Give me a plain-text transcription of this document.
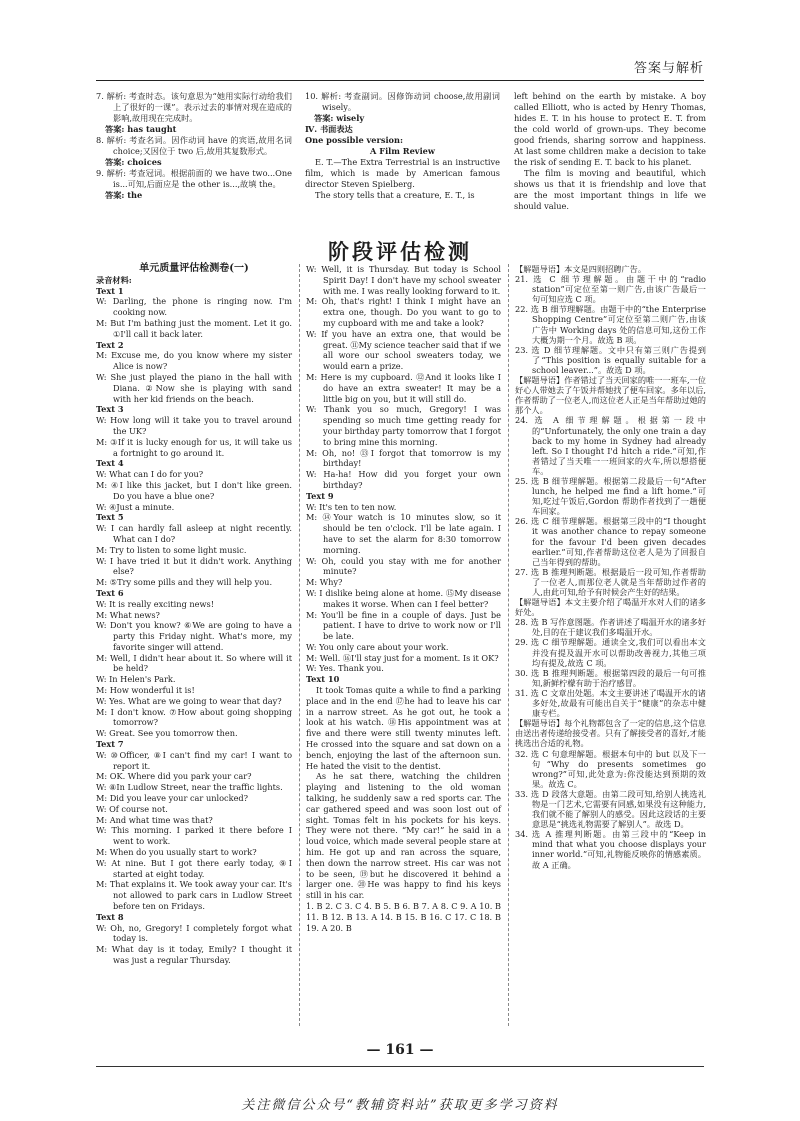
答案与解析

7. 解析: 考查时态。该句意思为“她用实际行动给我们上了很好的一课”。表示过去的事情对现在造成的影响,故用现在完成时。

答案: has taught

8. 解析: 考查名词。因作动词 have 的宾语,故用名词 choice;又因位于 two 后,故用其复数形式。

答案: choices

9. 解析: 考查冠词。根据前面的 we have two...One is...可知,后面应是 the other is...,故填 the。

答案: the

10. 解析: 考查副词。因修饰动词 choose,故用副词 wisely。

答案: wisely

Ⅳ. 书面表达

One possible version:

A Film Review

E. T.—The Extra Terrestrial is an instructive film, which is made by American famous director Steven Spielberg.

The story tells that a creature, E. T., is

left behind on the earth by mistake. A boy called Elliott, who is acted by Henry Thomas, hides E. T. in his house to protect E. T. from the cold world of grown-ups. They become good friends, sharing sorrow and happiness. At last some children make a decision to take the risk of sending E. T. back to his planet.

The film is moving and beautiful, which shows us that it is friendship and love that are the most important things in life we should value.

阶段评估检测

单元质量评估检测卷(一)

录音材料:

Text 1

W: Darling, the phone is ringing now. I'm cooking now.

M: But I'm bathing just the moment. Let it go. ①I'll call it back later.

Text 2

M: Excuse me, do you know where my sister Alice is now?

W: She just played the piano in the hall with Diana. ②Now she is playing with sand with her kid friends on the beach.

Text 3

W: How long will it take you to travel around the UK?

M: ③If it is lucky enough for us, it will take us a fortnight to go around it.

Text 4

W: What can I do for you?

M: ④I like this jacket, but I don't like green. Do you have a blue one?

W: ④Just a minute.

Text 5

W: I can hardly fall asleep at night recently. What can I do?

M: Try to listen to some light music.

W: I have tried it but it didn't work. Anything else?

M: ⑤Try some pills and they will help you.

Text 6

W: It is really exciting news!

M: What news?

W: Don't you know? ⑥We are going to have a party this Friday night. What's more, my favorite singer will attend.

M: Well, I didn't hear about it. So where will it be held?

W: In Helen's Park.

M: How wonderful it is!

W: Yes. What are we going to wear that day?

M: I don't know. ⑦How about going shopping tomorrow?

W: Great. See you tomorrow then.

Text 7

W: ⑩Officer, ⑧I can't find my car! I want to report it.

M: OK. Where did you park your car?

W: ⑧In Ludlow Street, near the traffic lights.

M: Did you leave your car unlocked?

W: Of course not.

M: And what time was that?

W: This morning. I parked it there before I went to work.

M: When do you usually start to work?

W: At nine. But I got there early today, ⑨I started at eight today.

M: That explains it. We took away your car. It's not allowed to park cars in Ludlow Street before ten on Fridays.

Text 8

W: Oh, no, Gregory! I completely forgot what today is.

M: What day is it today, Emily? I thought it was just a regular Thursday.

W: Well, it is Thursday. But today is School Spirit Day! I don't have my school sweater with me. I was really looking forward to it.

M: Oh, that's right! I think I might have an extra one, though. Do you want to go to my cupboard with me and take a look?

W: If you have an extra one, that would be great. ⑪My science teacher said that if we all wore our school sweaters today, we would earn a prize.

M: Here is my cupboard. ⑫And it looks like I do have an extra sweater! It may be a little big on you, but it will still do.

W: Thank you so much, Gregory! I was spending so much time getting ready for your birthday party tomorrow that I forgot to bring mine this morning.

M: Oh, no! ⑬I forgot that tomorrow is my birthday!

W: Ha-ha! How did you forget your own birthday?

Text 9

W: It's ten to ten now.

M: ⑭Your watch is 10 minutes slow, so it should be ten o'clock. I'll be late again. I have to set the alarm for 8:30 tomorrow morning.

W: Oh, could you stay with me for another minute?

M: Why?

W: I dislike being alone at home. ⑮My disease makes it worse. When can I feel better?

M: You'll be fine in a couple of days. Just be patient. I have to drive to work now or I'll be late.

W: You only care about your work.

M: Well. ⑯I'll stay just for a moment. Is it OK?

W: Yes. Thank you.

Text 10

It took Tomas quite a while to find a parking place and in the end ⑰he had to leave his car in a narrow street. As he got out, he took a look at his watch. ⑱His appointment was at five and there were still twenty minutes left. He crossed into the square and sat down on a bench, enjoying the last of the afternoon sun. He hated the visit to the dentist.

As he sat there, watching the children playing and listening to the old woman talking, he suddenly saw a red sports car. The car gathered speed and was soon lost out of sight. Tomas felt in his pockets for his keys. They were not there. “My car!” he said in a loud voice, which made several people stare at him. He got up and ran across the square, then down the narrow street. His car was not to be seen, ⑲but he discovered it behind a larger one. ⑳He was happy to find his keys still in his car.

1. B 2. C 3. C 4. B 5. B 6. B 7. A 8. C 9. A 10. B 11. B 12. B 13. A 14. B 15. B 16. C 17. C 18. B 19. A 20. B

【解题导语】本文是四则招聘广告。

21. 选 C 细节理解题。由题干中的“radio station”可定位至第一则广告,由该广告最后一句可知应选 C 项。

22. 选 B 细节理解题。由题干中的“the Enterprise Shopping Centre”可定位至第二则广告,由该广告中 Working days 处的信息可知,这份工作大概为期一个月。故选 B 项。

23. 选 D 细节理解题。文中只有第三则广告提到了“This position is equally suitable for a school leaver...”。故选 D 项。

【解题导语】作者错过了当天回家的唯一一班车,一位好心人带她去了午饭并帮她找了便车回家。多年以后,作者帮助了一位老人,而这位老人正是当年帮助过她的那个人。

24. 选 A 细节理解题。根据第一段中的“Unfortunately, the only one train a day back to my home in Sydney had already left. So I thought I'd hitch a ride.”可知,作者错过了当天唯一一班回家的火车,所以想搭便车。

25. 选 B 细节理解题。根据第二段最后一句“After lunch, he helped me find a lift home.”可知,吃过午饭后,Gordon 帮助作者找到了一趟便车回家。

26. 选 C 细节理解题。根据第三段中的“I thought it was another chance to repay someone for the favour I'd been given decades earlier.”可知,作者帮助这位老人是为了回报自己当年得到的帮助。

27. 选 B 推理判断题。根据最后一段可知,作者帮助了一位老人,而那位老人就是当年帮助过作者的人,由此可知,给予有时候会产生好的结果。

【解题导语】本文主要介绍了喝温开水对人们的诸多好处。

28. 选 B 写作意图题。作者讲述了喝温开水的诸多好处,目的在于建议我们多喝温开水。

29. 选 C 细节理解题。通读全文,我们可以看出本文并没有提及温开水可以帮助改善视力,其他三项均有提及,故选 C 项。

30. 选 B 推理判断题。根据第四段的最后一句可推知,新鲜柠檬有助于治疗感冒。

31. 选 C 文章出处题。本文主要讲述了喝温开水的诸多好处,故最有可能出自关于“健康”的杂志中健康专栏。

【解题导语】每个礼物都包含了一定的信息,这个信息由送出者传递给接受者。只有了解接受者的喜好,才能挑选出合适的礼物。

32. 选 C 句意理解题。根据本句中的 but 以及下一句“Why do presents sometimes go wrong?”可知,此处意为:你没能达到预期的效果。故选 C。

33. 选 D 段落大意题。由第二段可知,给别人挑选礼物是一门艺术,它需要有同感,如果没有这种能力,我们就不能了解别人的感受。因此这段话的主要意思是“挑选礼物需要了解别人”。故选 D。

34. 选 A 推理判断题。由第三段中的“Keep in mind that what you choose displays your inner world.”可知,礼物能反映你的情感素质。故 A 正确。

— 161 —
关注微信公众号“教辅资料站”获取更多学习资料
